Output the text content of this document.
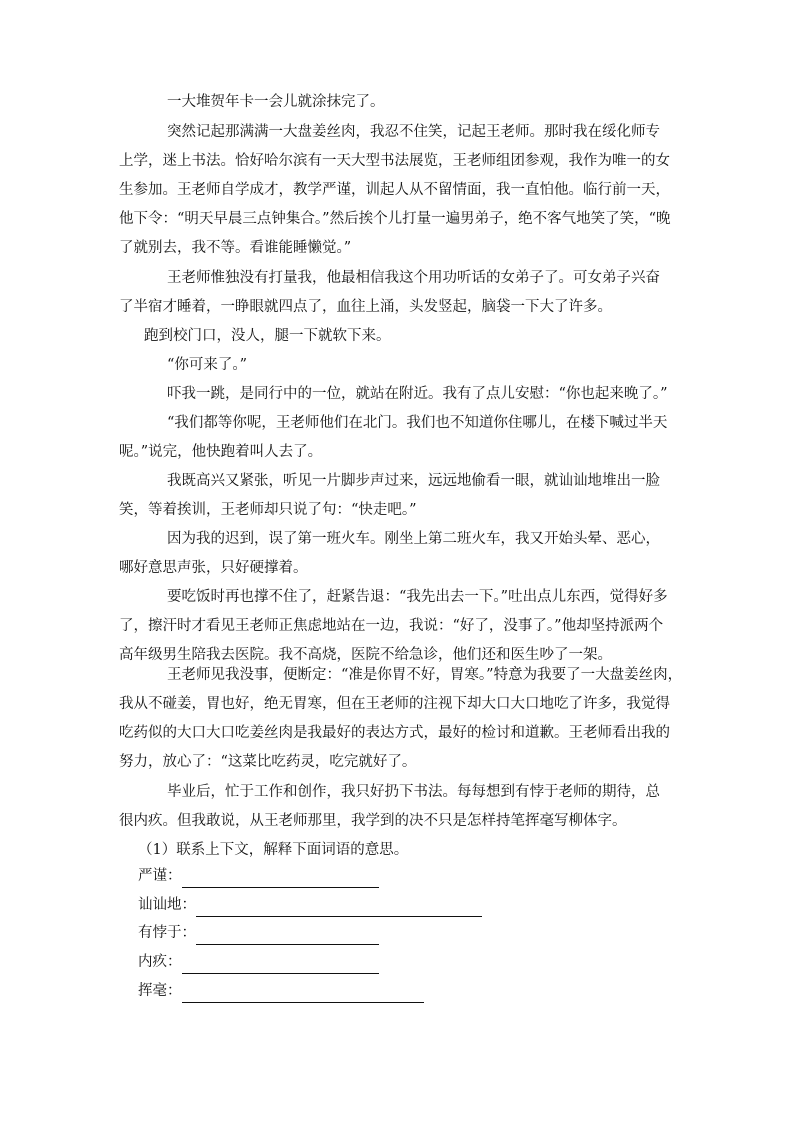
一大堆贺年卡一会儿就涂抹完了。
突然记起那满满一大盘姜丝肉，我忍不住笑，记起王老师。那时我在绥化师专
上学，迷上书法。恰好哈尔滨有一天大型书法展览，王老师组团参观，我作为唯一的女
生参加。王老师自学成才，教学严谨，训起人从不留情面，我一直怕他。临行前一天，
他下令：“明天早晨三点钟集合。”然后挨个儿打量一遍男弟子，绝不客气地笑了笑，“晚
了就别去，我不等。看谁能睡懒觉。”
王老师惟独没有打量我，他最相信我这个用功听话的女弟子了。可女弟子兴奋
了半宿才睡着，一睁眼就四点了，血往上涌，头发竖起，脑袋一下大了许多。
跑到校门口，没人，腿一下就软下来。
“你可来了。”
吓我一跳，是同行中的一位，就站在附近。我有了点儿安慰：“你也起来晚了。”
“我们都等你呢，王老师他们在北门。我们也不知道你住哪儿，在楼下喊过半天
呢。”说完，他快跑着叫人去了。
我既高兴又紧张，听见一片脚步声过来，远远地偷看一眼，就讪讪地堆出一脸
笑，等着挨训，王老师却只说了句：“快走吧。”
因为我的迟到，误了第一班火车。刚坐上第二班火车，我又开始头晕、恶心，
哪好意思声张，只好硬撑着。
要吃饭时再也撑不住了，赶紧告退：“我先出去一下。”吐出点儿东西，觉得好多
了，擦汗时才看见王老师正焦虑地站在一边，我说：“好了，没事了。”他却坚持派两个
高年级男生陪我去医院。我不高烧，医院不给急诊，他们还和医生吵了一架。
王老师见我没事，便断定：“准是你胃不好，胃寒。”特意为我要了一大盘姜丝肉，
我从不碰姜，胃也好，绝无胃寒，但在王老师的注视下却大口大口地吃了许多，我觉得
吃药似的大口大口吃姜丝肉是我最好的表达方式，最好的检讨和道歉。王老师看出我的
努力，放心了：“这菜比吃药灵，吃完就好了。
毕业后，忙于工作和创作，我只好扔下书法。每每想到有悖于老师的期待，总
很内疚。但我敢说，从王老师那里，我学到的决不只是怎样持笔挥毫写柳体字。
（1）联系上下文，解释下面词语的意思。
严谨：
讪讪地：
有悖于：
内疚：
挥毫：
